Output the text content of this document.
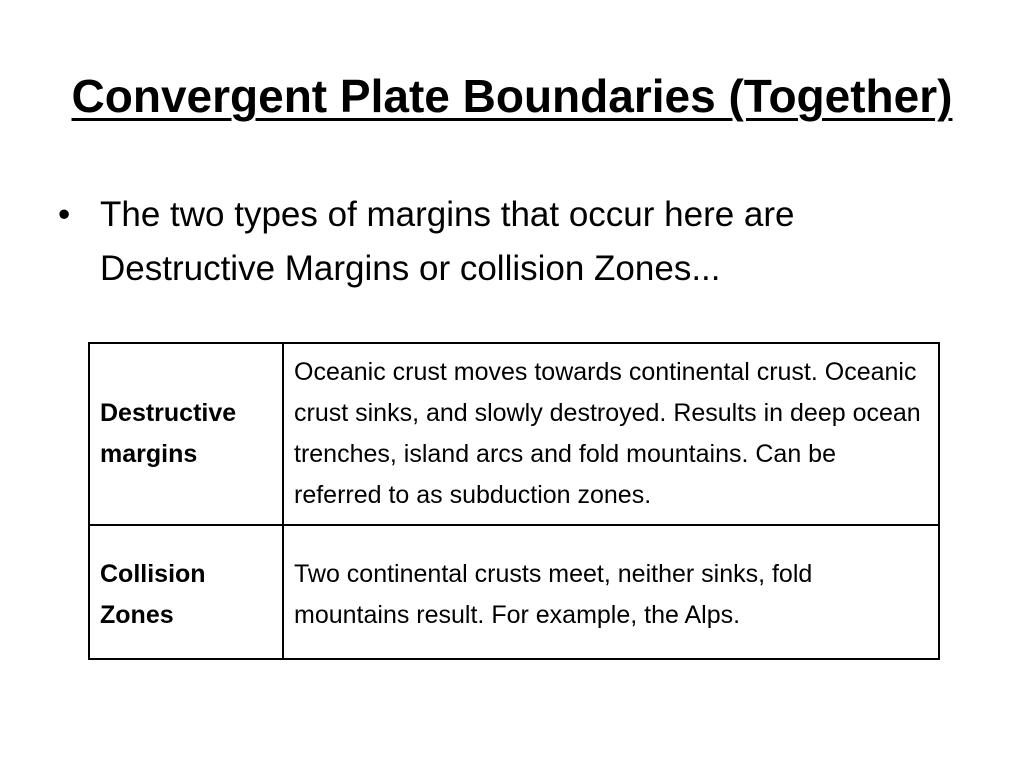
Convergent Plate Boundaries (Together)
• The two types of margins that occur here are Destructive Margins or collision Zones...
Destructive margins	Oceanic crust moves towards continental crust. Oceanic crust sinks, and slowly destroyed. Results in deep ocean trenches, island arcs and fold mountains. Can be referred to as subduction zones.
Collision Zones	Two continental crusts meet, neither sinks, fold mountains result. For example, the Alps.
